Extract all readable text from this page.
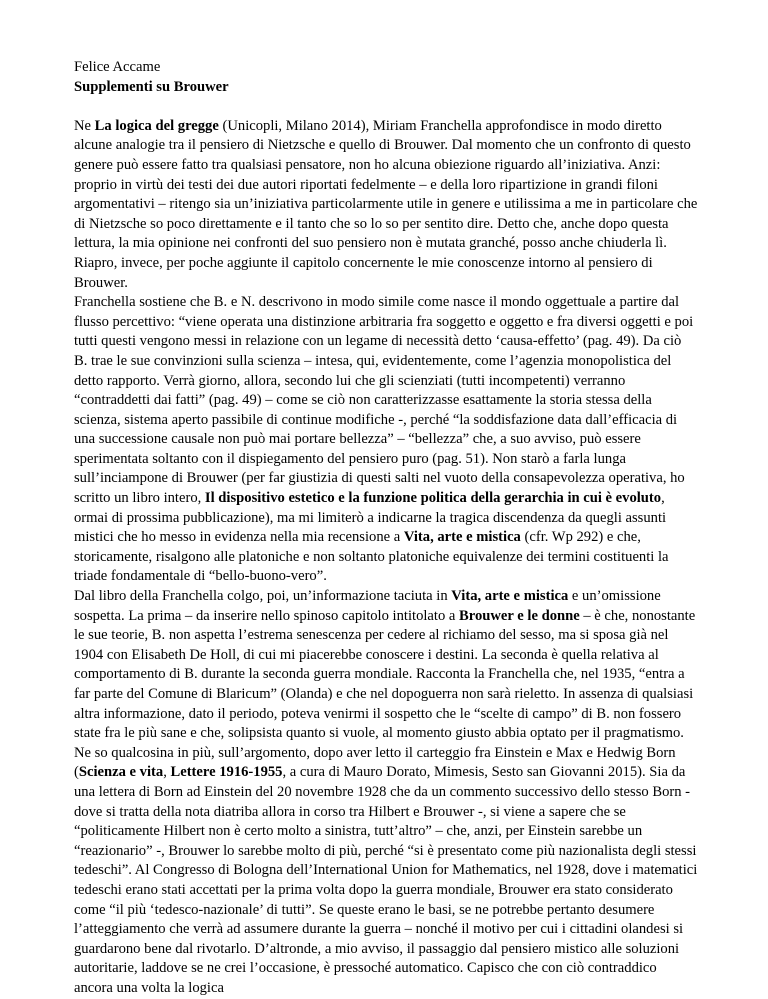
Felice Accame

Supplementi su Brouwer

Ne La logica del gregge (Unicopli, Milano 2014), Miriam Franchella approfondisce in modo diretto alcune analogie tra il pensiero di Nietzsche e quello di Brouwer. Dal momento che un confronto di questo genere può essere fatto tra qualsiasi pensatore, non ho alcuna obiezione riguardo all’iniziativa. Anzi: proprio in virtù dei testi dei due autori riportati fedelmente – e della loro ripartizione in grandi filoni argomentativi – ritengo sia un’iniziativa particolarmente utile in genere e utilissima a me in particolare che di Nietzsche so poco direttamente e il tanto che so lo so per sentito dire. Detto che, anche dopo questa lettura, la mia opinione nei confronti del suo pensiero non è mutata granché, posso anche chiuderla lì.

Riapro, invece, per poche aggiunte il capitolo concernente le mie conoscenze intorno al pensiero di Brouwer.

Franchella sostiene che B. e N. descrivono in modo simile come nasce il mondo oggettuale a partire dal flusso percettivo: “viene operata una distinzione arbitraria fra soggetto e oggetto e fra diversi oggetti e poi tutti questi vengono messi in relazione con un legame di necessità detto ‘causa-effetto’ (pag. 49). Da ciò B. trae le sue convinzioni sulla scienza – intesa, qui, evidentemente, come l’agenzia monopolistica del detto rapporto. Verrà giorno, allora, secondo lui che gli scienziati (tutti incompetenti) verranno “contraddetti dai fatti” (pag. 49) – come se ciò non caratterizzasse esattamente la storia stessa della scienza, sistema aperto passibile di continue modifiche -, perché “la soddisfazione data dall’efficacia di una successione causale non può mai portare bellezza” – “bellezza” che, a suo avviso, può essere sperimentata soltanto con il dispiegamento del pensiero puro (pag. 51). Non starò a farla lunga sull’inciampone di Brouwer (per far giustizia di questi salti nel vuoto della consapevolezza operativa, ho scritto un libro intero, Il dispositivo estetico e la funzione politica della gerarchia in cui è evoluto, ormai di prossima pubblicazione), ma mi limiterò a indicarne la tragica discendenza da quegli assunti mistici che ho messo in evidenza nella mia recensione a Vita, arte e mistica (cfr. Wp 292) e che, storicamente, risalgono alle platoniche e non soltanto platoniche equivalenze dei termini costituenti la triade fondamentale di “bello-buono-vero”.

Dal libro della Franchella colgo, poi, un’informazione taciuta in Vita, arte e mistica e un’omissione sospetta. La prima – da inserire nello spinoso capitolo intitolato a Brouwer e le donne – è che, nonostante le sue teorie, B. non aspetta l’estrema senescenza per cedere al richiamo del sesso, ma si sposa già nel 1904 con Elisabeth De Holl, di cui mi piacerebbe conoscere i destini. La seconda è quella relativa al comportamento di B. durante la seconda guerra mondiale. Racconta la Franchella che, nel 1935, “entra a far parte del Comune di Blaricum” (Olanda) e che nel dopoguerra non sarà rieletto. In assenza di qualsiasi altra informazione, dato il periodo, poteva venirmi il sospetto che le “scelte di campo” di B. non fossero state fra le più sane e che, solipsista quanto si vuole, al momento giusto abbia optato per il pragmatismo.

Ne so qualcosina in più, sull’argomento, dopo aver letto il carteggio fra Einstein e Max e Hedwig Born (Scienza e vita, Lettere 1916-1955, a cura di Mauro Dorato, Mimesis, Sesto san Giovanni 2015). Sia da una lettera di Born ad Einstein del 20 novembre 1928 che da un commento successivo dello stesso Born - dove si tratta della nota diatriba allora in corso tra Hilbert e Brouwer -, si viene a sapere che se “politicamente Hilbert non è certo molto a sinistra, tutt’altro” – che, anzi, per Einstein sarebbe un “reazionario” -, Brouwer lo sarebbe molto di più, perché “si è presentato come più nazionalista degli stessi tedeschi”. Al Congresso di Bologna dell’International Union for Mathematics, nel 1928, dove i matematici tedeschi erano stati accettati per la prima volta dopo la guerra mondiale, Brouwer era stato considerato come “il più ‘tedesco-nazionale’ di tutti”. Se queste erano le basi, se ne potrebbe pertanto desumere l’atteggiamento che verrà ad assumere durante la guerra – nonché il motivo per cui i cittadini olandesi si guardarono bene dal rivotarlo. D’altronde, a mio avviso, il passaggio dal pensiero mistico alle soluzioni autoritarie, laddove se ne crei l’occasione, è pressoché automatico. Capisco che con ciò contraddico ancora una volta la logica
